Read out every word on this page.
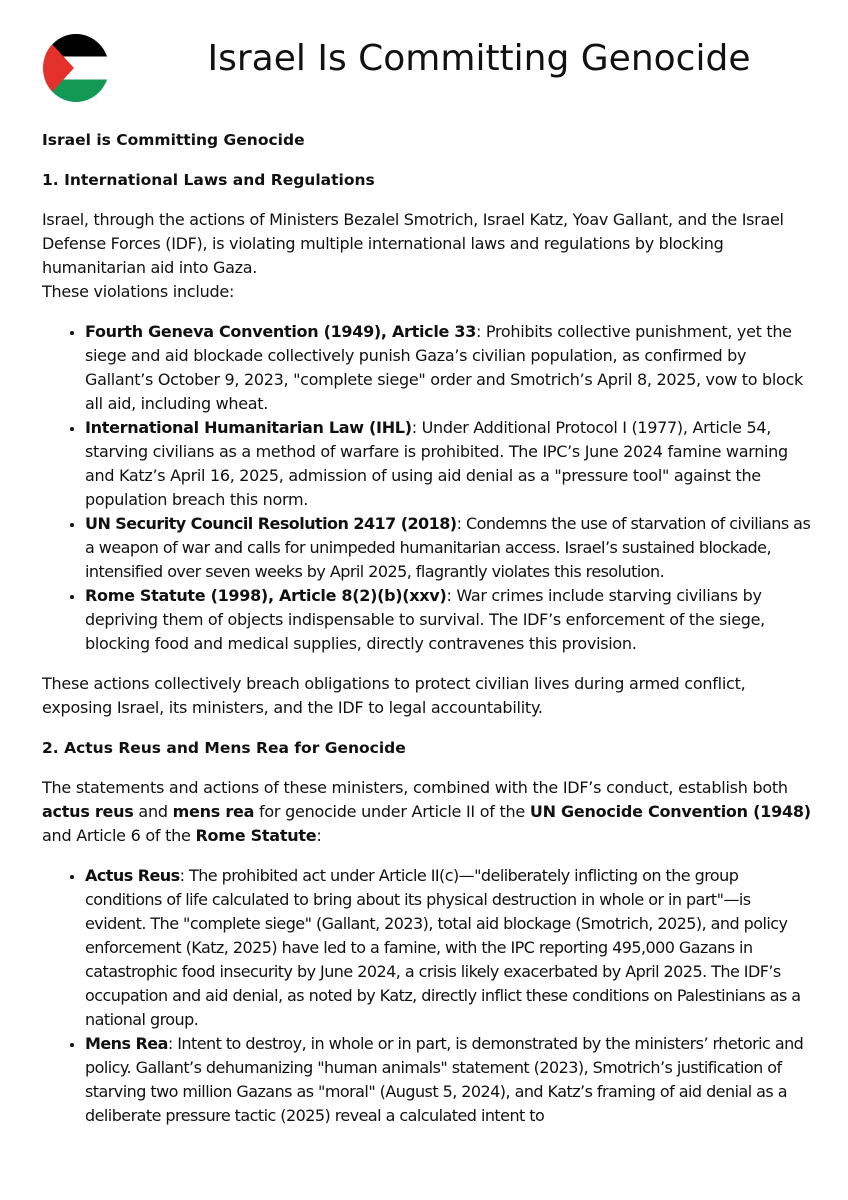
Israel Is Committing Genocide

Israel is Committing Genocide

1. International Laws and Regulations

Israel, through the actions of Ministers Bezalel Smotrich, Israel Katz, Yoav Gallant, and the Israel Defense Forces (IDF), is violating multiple international laws and regulations by blocking humanitarian aid into Gaza.

These violations include:

• Fourth Geneva Convention (1949), Article 33: Prohibits collective punishment, yet the siege and aid blockade collectively punish Gaza’s civilian population, as confirmed by Gallant’s October 9, 2023, "complete siege" order and Smotrich’s April 8, 2025, vow to block all aid, including wheat.
• International Humanitarian Law (IHL): Under Additional Protocol I (1977), Article 54, starving civilians as a method of warfare is prohibited. The IPC’s June 2024 famine warning and Katz’s April 16, 2025, admission of using aid denial as a "pressure tool" against the population breach this norm.
• UN Security Council Resolution 2417 (2018): Condemns the use of starvation of civilians as a weapon of war and calls for unimpeded humanitarian access. Israel’s sustained blockade, intensified over seven weeks by April 2025, flagrantly violates this resolution.
• Rome Statute (1998), Article 8(2)(b)(xxv): War crimes include starving civilians by depriving them of objects indispensable to survival. The IDF’s enforcement of the siege, blocking food and medical supplies, directly contravenes this provision.

These actions collectively breach obligations to protect civilian lives during armed conflict, exposing Israel, its ministers, and the IDF to legal accountability.

2. Actus Reus and Mens Rea for Genocide

The statements and actions of these ministers, combined with the IDF’s conduct, establish both actus reus and mens rea for genocide under Article II of the UN Genocide Convention (1948) and Article 6 of the Rome Statute:

• Actus Reus: The prohibited act under Article II(c)—"deliberately inflicting on the group conditions of life calculated to bring about its physical destruction in whole or in part"—is evident. The "complete siege" (Gallant, 2023), total aid blockage (Smotrich, 2025), and policy enforcement (Katz, 2025) have led to a famine, with the IPC reporting 495,000 Gazans in catastrophic food insecurity by June 2024, a crisis likely exacerbated by April 2025. The IDF’s occupation and aid denial, as noted by Katz, directly inflict these conditions on Palestinians as a national group.
• Mens Rea: Intent to destroy, in whole or in part, is demonstrated by the ministers’ rhetoric and policy. Gallant’s dehumanizing "human animals" statement (2023), Smotrich’s justification of starving two million Gazans as "moral" (August 5, 2024), and Katz’s framing of aid denial as a deliberate pressure tactic (2025) reveal a calculated intent to
